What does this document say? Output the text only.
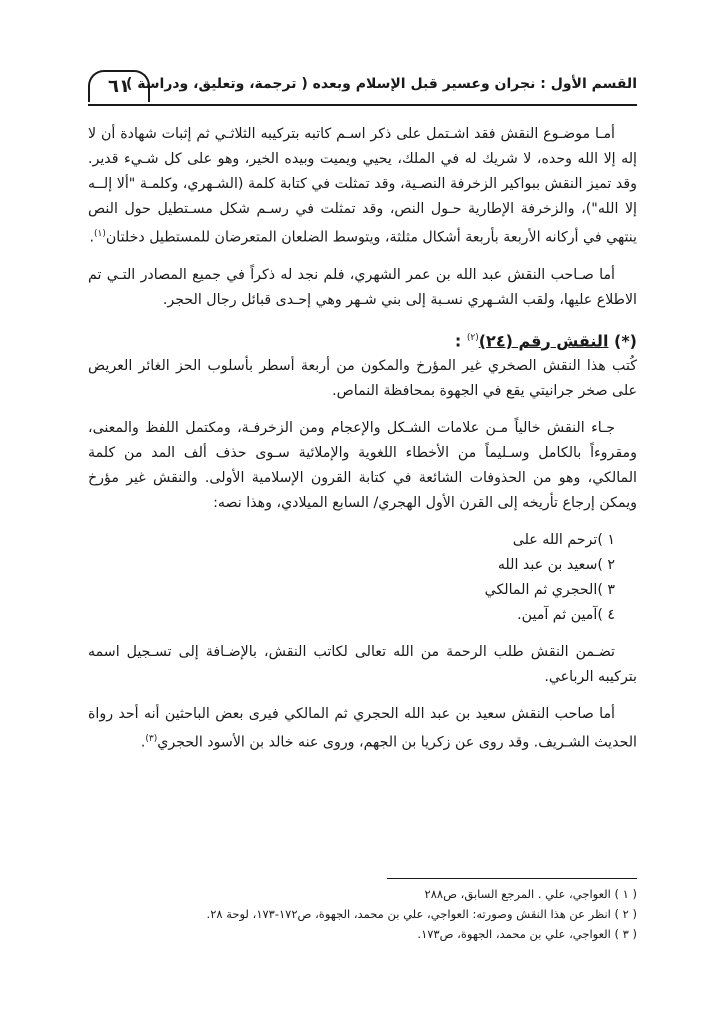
القسم الأول : نجران وعسير قبل الإسلام وبعده ( ترجمة، وتعليق، ودراسة )
٦١

أمـا موضـوع النقش فقد اشـتمل على ذكر اسـم كاتبه بتركيبه الثلاثـي ثم إثبات شهادة أن لا إله إلا الله وحده، لا شريك له في الملك، يحيي ويميت وبيده الخير، وهو على كل شـيء قدير. وقد تميز النقش ببواكير الزخرفة النصـية، وقد تمثلت في كتابة كلمة (الشـهري، وكلمـة "ألا إلــه إلا الله")، والزخرفة الإطارية حـول النص، وقد تمثلت في رسـم شكل مسـتطيل حول النص ينتهي في أركانه الأربعة بأربعة أشكال مثلثة، ويتوسط الضلعان المتعرضان للمستطيل دخلتان$^{(١)}$.

أما صـاحب النقش عبد الله بن عمر الشهري، فلم نجد له ذكراً في جميع المصادر التـي تم الاطلاع عليها، ولقب الشـهري نسـبة إلى بني شـهر وهي إحـدى قبائل رجال الحجر.

(*) النقش رقم (٢٤)$^{(٢)}$ :

كُتب هذا النقش الصخري غير المؤرخ والمكون من أربعة أسطر بأسلوب الحز الغائر العريض على صخر جرانيتي يقع في الجهوة بمحافظة النماص.

جـاء النقش خالياً مـن علامات الشـكل والإعجام ومن الزخرفـة، ومكتمل اللفظ والمعنى، ومقروءاً بالكامل وسـليماً من الأخطاء اللغوية والإملائية سـوى حذف ألف المد من كلمة المالكي، وهو من الحذوفات الشائعة في كتابة القرون الإسلامية الأولى. والنقش غير مؤرخ ويمكن إرجاع تأريخه إلى القرن الأول الهجري/ السابع الميلادي، وهذا نصه:

١ )ترحم الله على
٢ )سعيد بن عبد الله
٣ )الحجري ثم المالكي
٤ )آمين ثم آمين.

تضـمن النقش طلب الرحمة من الله تعالى لكاتب النقش، بالإضـافة إلى تسـجيل اسمه بتركيبه الرباعي.

أما صاحب النقش سعيد بن عبد الله الحجري ثم المالكي فيرى بعض الباحثين أنه أحد رواة الحديث الشـريف. وقد روى عن زكريا بن الجهم، وروى عنه خالد بن الأسود الحجري$^{(٣)}$.

( ١ ) العواجي، علي . المرجع السابق، ص٢٨٨
( ٢ ) انظر عن هذا النقش وصورته: العواجي، علي بن محمد، الجهوة، ص١٧٢-١٧٣، لوحة ٢٨.
( ٣ ) العواجي، علي بن محمد، الجهوة، ص١٧٣.
